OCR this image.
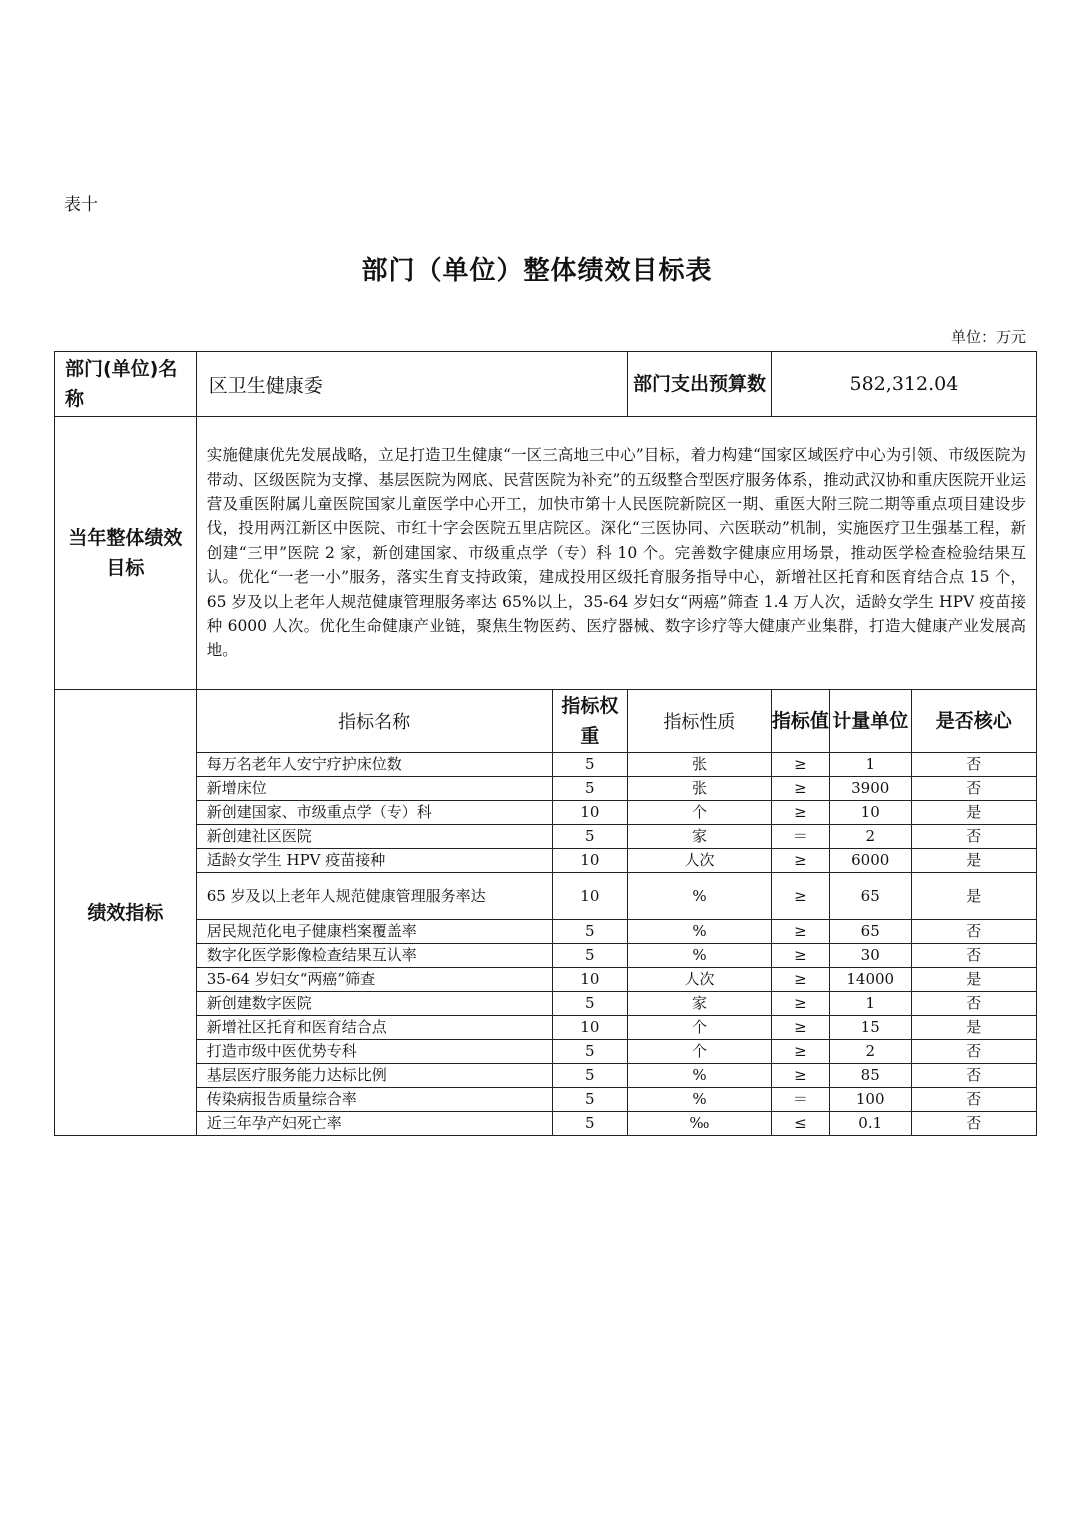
表十
部门（单位）整体绩效目标表
单位：万元
部门(单位)名称	区卫生健康委		部门支出预算数	582,312.04		
当年整体绩效目标	实施健康优先发展战略，立足打造卫生健康“一区三高地三中心”目标，着力构建“国家区域医疗中心为引领、市级医院为带动、区级医院为支撑、基层医院为网底、民营医院为补充”的五级整合型医疗服务体系，推动武汉协和重庆医院开业运营及重医附属儿童医院国家儿童医学中心开工，加快市第十人民医院新院区一期、重医大附三院二期等重点项目建设步伐，投用两江新区中医院、市红十字会医院五里店院区。深化“三医协同、六医联动”机制，实施医疗卫生强基工程，新创建“三甲”医院 2 家，新创建国家、市级重点学（专）科 10 个。完善数字健康应用场景，推动医学检查检验结果互认。优化“一老一小”服务，落实生育支持政策，建成投用区级托育服务指导中心，新增社区托育和医育结合点 15 个，65 岁及以上老年人规范健康管理服务率达 65%以上，35-64 岁妇女“两癌”筛查 1.4 万人次，适龄女学生 HPV 疫苗接种 6000 人次。优化生命健康产业链，聚焦生物医药、医疗器械、数字诊疗等大健康产业集群，打造大健康产业发展高地。					
绩效指标	指标名称	指标权重	指标性质	指标值	计量单位	是否核心
	每万名老年人安宁疗护床位数	5	张	≥	1	否
	新增床位	5	张	≥	3900	否
	新创建国家、市级重点学（专）科	10	个	≥	10	是
	新创建社区医院	5	家	＝	2	否
	适龄女学生 HPV 疫苗接种	10	人次	≥	6000	是
	65 岁及以上老年人规范健康管理服务率达	10	%	≥	65	是
	居民规范化电子健康档案覆盖率	5	%	≥	65	否
	数字化医学影像检查结果互认率	5	%	≥	30	否
	35-64 岁妇女“两癌”筛查	10	人次	≥	14000	是
	新创建数字医院	5	家	≥	1	否
	新增社区托育和医育结合点	10	个	≥	15	是
	打造市级中医优势专科	5	个	≥	2	否
	基层医疗服务能力达标比例	5	%	≥	85	否
	传染病报告质量综合率	5	%	＝	100	否
	近三年孕产妇死亡率	5	‰	≤	0.1	否
